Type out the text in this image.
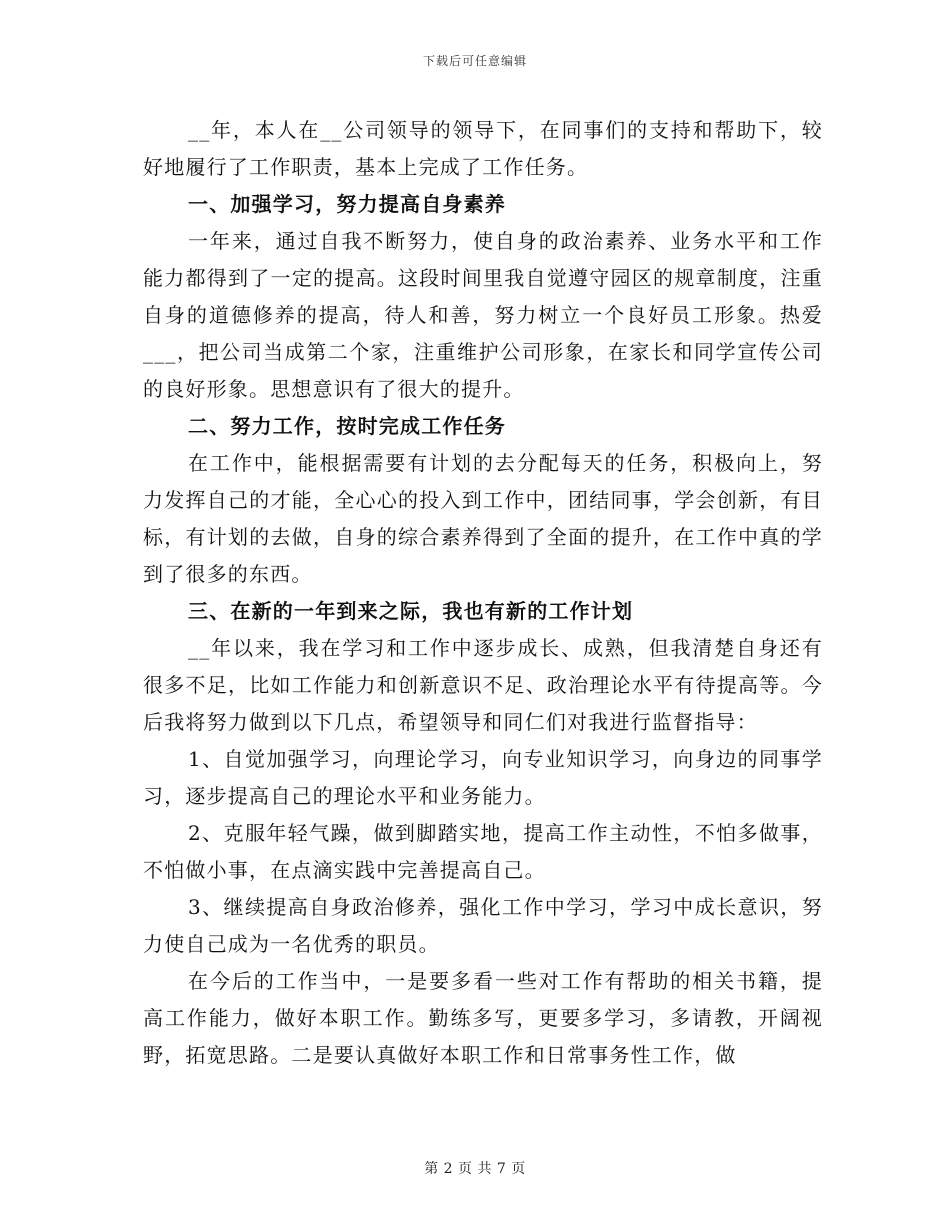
下载后可任意编辑

__年，本人在__公司领导的领导下，在同事们的支持和帮助下，较好地履行了工作职责，基本上完成了工作任务。

一、加强学习，努力提高自身素养

一年来，通过自我不断努力，使自身的政治素养、业务水平和工作能力都得到了一定的提高。这段时间里我自觉遵守园区的规章制度，注重自身的道德修养的提高，待人和善，努力树立一个良好员工形象。热爱___，把公司当成第二个家，注重维护公司形象，在家长和同学宣传公司的良好形象。思想意识有了很大的提升。

二、努力工作，按时完成工作任务

在工作中，能根据需要有计划的去分配每天的任务，积极向上，努力发挥自己的才能，全心心的投入到工作中，团结同事，学会创新，有目标，有计划的去做，自身的综合素养得到了全面的提升，在工作中真的学到了很多的东西。

三、在新的一年到来之际，我也有新的工作计划

__年以来，我在学习和工作中逐步成长、成熟，但我清楚自身还有很多不足，比如工作能力和创新意识不足、政治理论水平有待提高等。今后我将努力做到以下几点，希望领导和同仁们对我进行监督指导：

1、自觉加强学习，向理论学习，向专业知识学习，向身边的同事学习，逐步提高自己的理论水平和业务能力。

2、克服年轻气躁，做到脚踏实地，提高工作主动性，不怕多做事，不怕做小事，在点滴实践中完善提高自己。

3、继续提高自身政治修养，强化工作中学习，学习中成长意识，努力使自己成为一名优秀的职员。

在今后的工作当中，一是要多看一些对工作有帮助的相关书籍，提高工作能力，做好本职工作。勤练多写，更要多学习，多请教，开阔视野，拓宽思路。二是要认真做好本职工作和日常事务性工作，做

第 2 页 共 7 页
